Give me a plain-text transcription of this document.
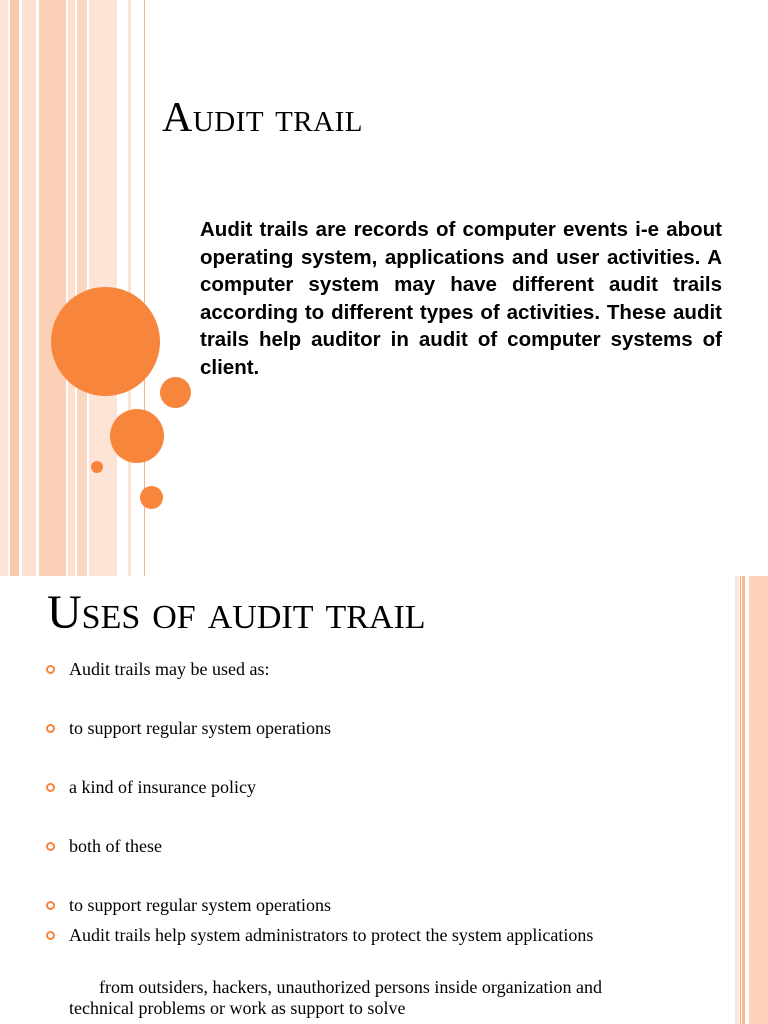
Audit trail

Audit trails are records of computer events i-e about operating system, applications and user activities. A computer system may have different audit trails according to different types of activities. These audit trails help auditor in audit of computer systems of client.

Uses of audit trail
Audit trails may be used as:
to support regular system operations
a kind of insurance policy
both of these
to support regular system operations
Audit trails help system administrators to protect the system applications
from outsiders, hackers, unauthorized persons inside organization and technical problems or work as support to solve
